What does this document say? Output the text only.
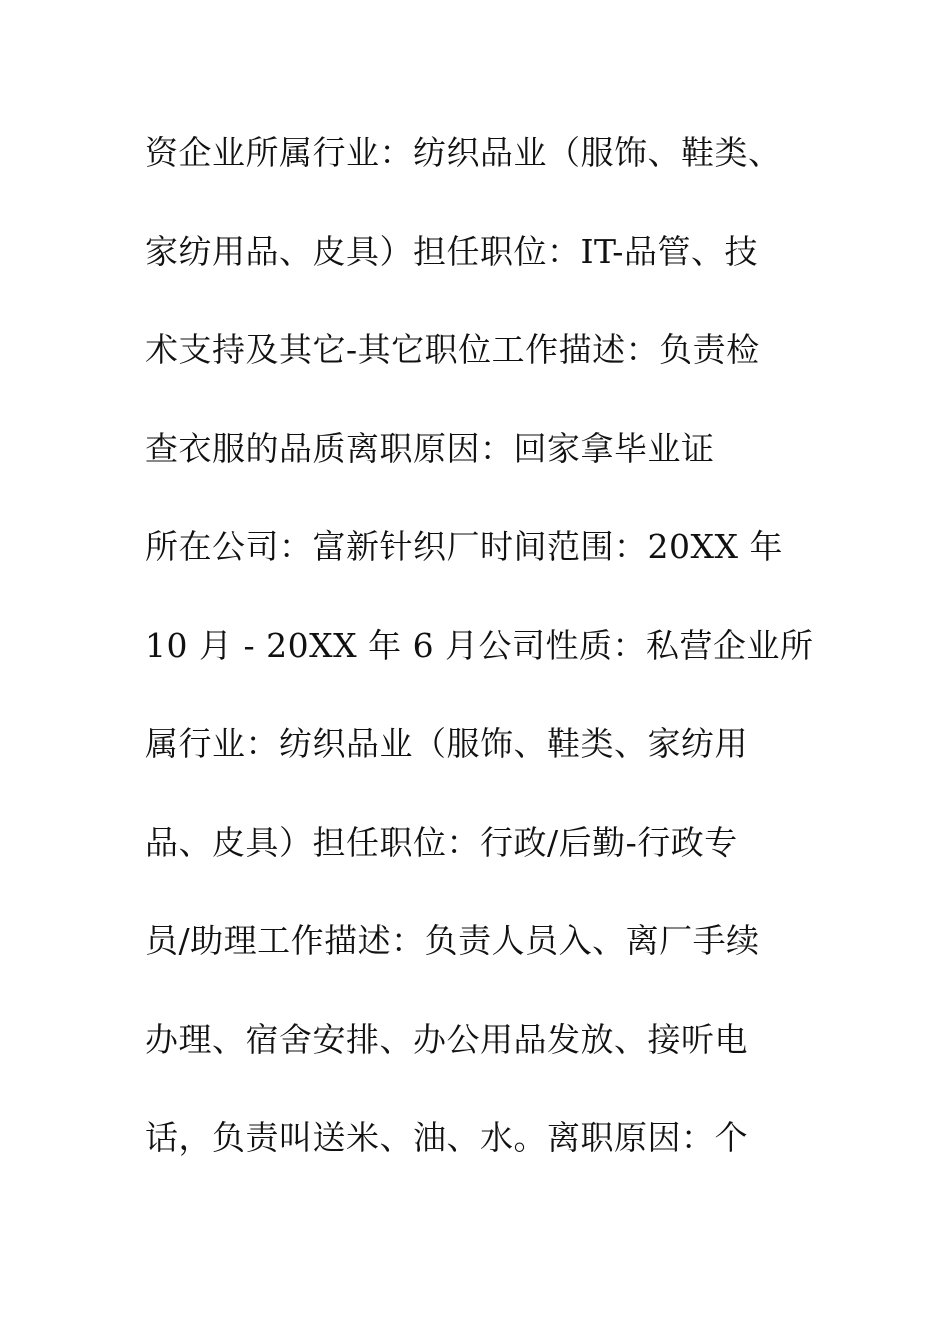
资企业所属行业：纺织品业（服饰、鞋类、
家纺用品、皮具）担任职位：IT-品管、技
术支持及其它-其它职位工作描述：负责检
查衣服的品质离职原因：回家拿毕业证
所在公司：富新针织厂时间范围：20XX 年
10 月 - 20XX 年 6 月公司性质：私营企业所
属行业：纺织品业（服饰、鞋类、家纺用
品、皮具）担任职位：行政/后勤-行政专
员/助理工作描述：负责人员入、离厂手续
办理、宿舍安排、办公用品发放、接听电
话，负责叫送米、油、水。离职原因：个
